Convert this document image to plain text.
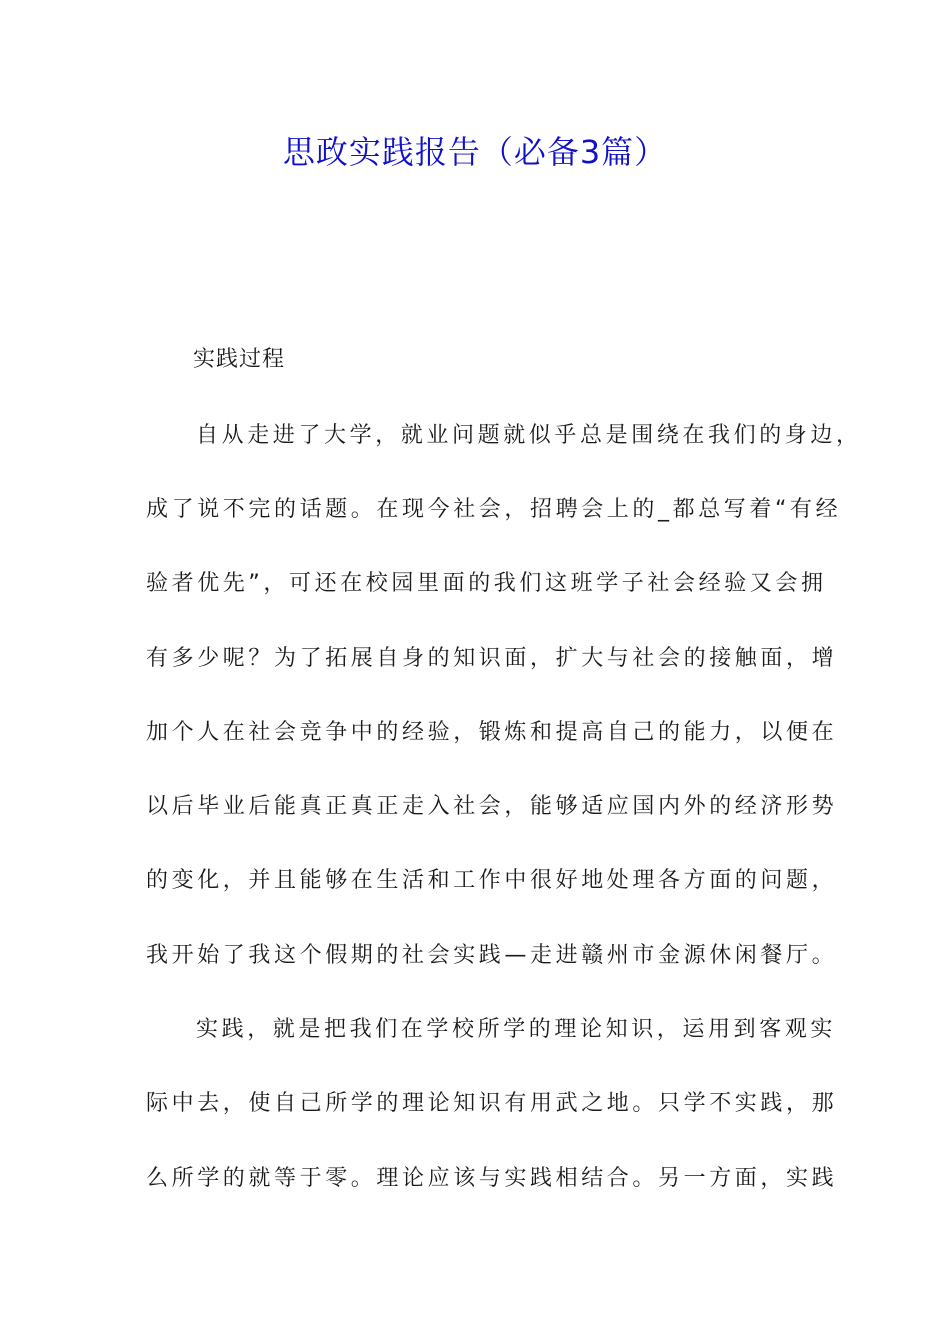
思政实践报告（必备3篇）
实践过程
自从走进了大学，就业问题就似乎总是围绕在我们的身边，
成了说不完的话题。在现今社会，招聘会上的_都总写着“有经
验者优先”，可还在校园里面的我们这班学子社会经验又会拥
有多少呢？为了拓展自身的知识面，扩大与社会的接触面，增
加个人在社会竞争中的经验，锻炼和提高自己的能力，以便在
以后毕业后能真正真正走入社会，能够适应国内外的经济形势
的变化，并且能够在生活和工作中很好地处理各方面的问题，
我开始了我这个假期的社会实践—走进赣州市金源休闲餐厅。
实践，就是把我们在学校所学的理论知识，运用到客观实
际中去，使自己所学的理论知识有用武之地。只学不实践，那
么所学的就等于零。理论应该与实践相结合。另一方面，实践
